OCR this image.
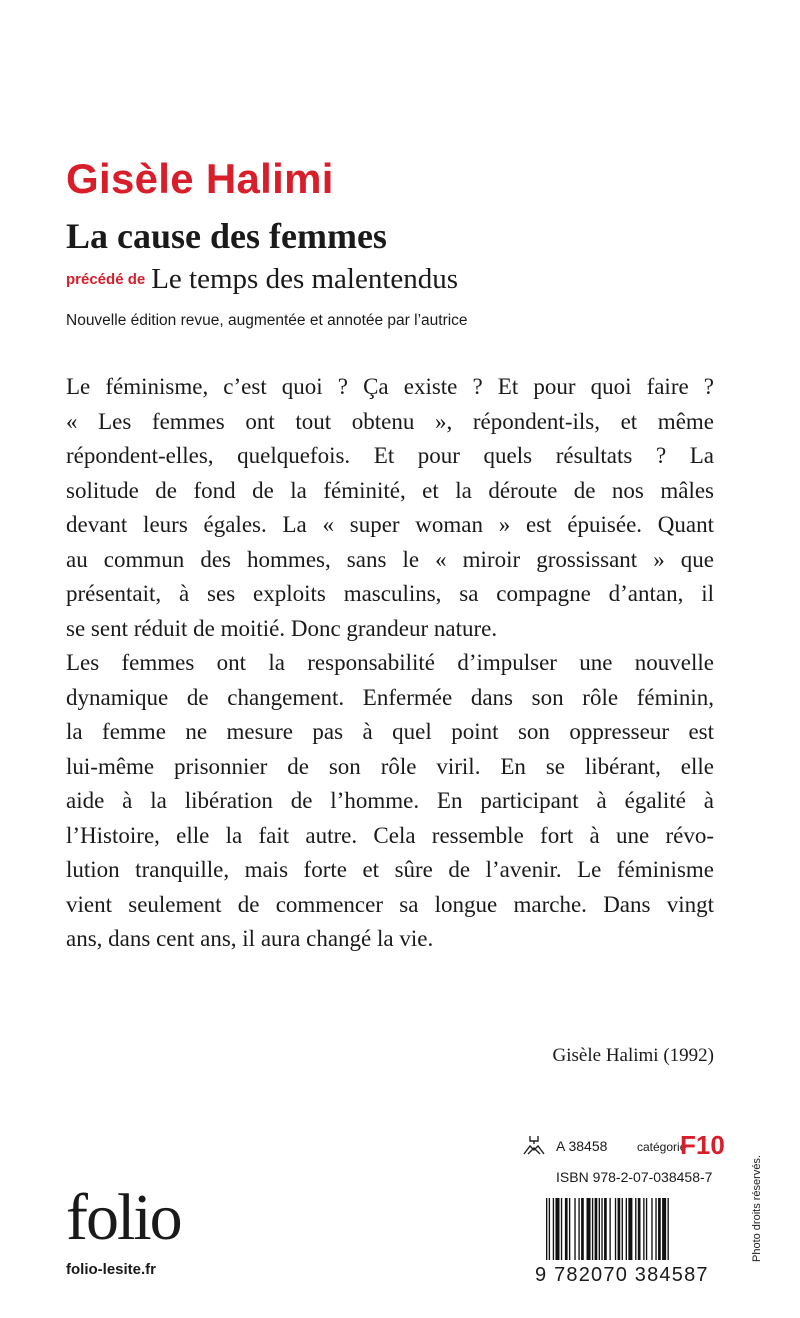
Gisèle Halimi
La cause des femmes
précédé de Le temps des malentendus
Nouvelle édition revue, augmentée et annotée par l’autrice

Le féminisme, c’est quoi ? Ça existe ? Et pour quoi faire ?
« Les femmes ont tout obtenu », répondent-ils, et même
répondent-elles, quelquefois. Et pour quels résultats ? La
solitude de fond de la féminité, et la déroute de nos mâles
devant leurs égales. La « super woman » est épuisée. Quant
au commun des hommes, sans le « miroir grossissant » que
présentait, à ses exploits masculins, sa compagne d’antan, il
se sent réduit de moitié. Donc grandeur nature.

Les femmes ont la responsabilité d’impulser une nouvelle
dynamique de changement. Enfermée dans son rôle féminin,
la femme ne mesure pas à quel point son oppresseur est
lui-même prisonnier de son rôle viril. En se libérant, elle
aide à la libération de l’homme. En participant à égalité à
l’Histoire, elle la fait autre. Cela ressemble fort à une révo-
lution tranquille, mais forte et sûre de l’avenir. Le féminisme
vient seulement de commencer sa longue marche. Dans vingt
ans, dans cent ans, il aura changé la vie.

Gisèle Halimi (1992)
A 38458 catégorie
F10
ISBN 978-2-07-038458-7
9 782070 384587
folio
folio-lesite.fr
Photo droits réservés.
